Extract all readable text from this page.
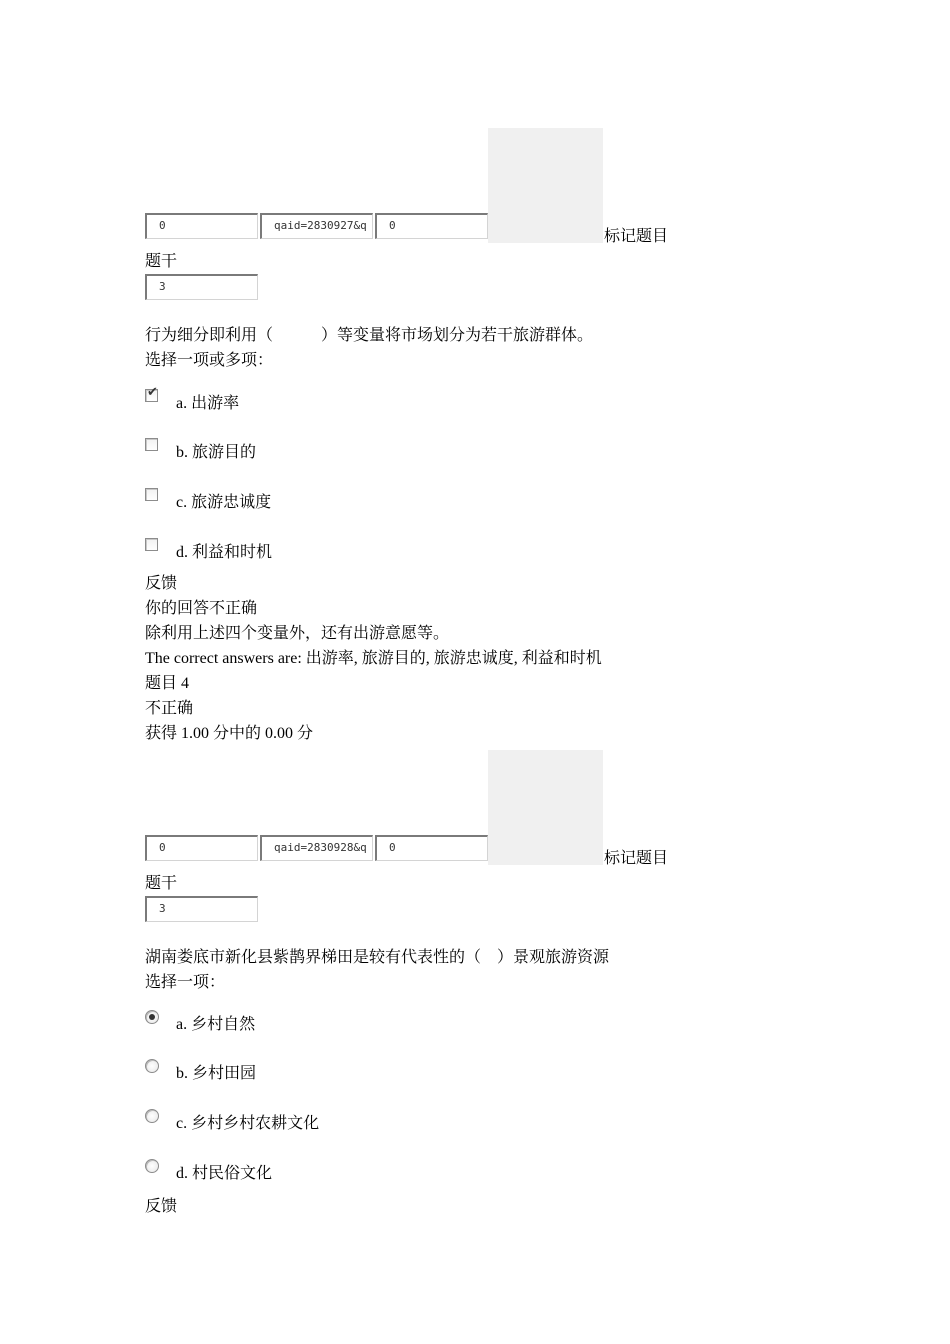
0	qaid=2830927&q	0
标记题目
题干
3
行为细分即利用（　　　）等变量将市场划分为若干旅游群体。
选择一项或多项：
✔
a. 出游率
b. 旅游目的
c. 旅游忠诚度
d. 利益和时机
反馈
你的回答不正确
除利用上述四个变量外，还有出游意愿等。
The correct answers are: 出游率, 旅游目的, 旅游忠诚度, 利益和时机
题目 4
不正确
获得 1.00 分中的 0.00 分
0	qaid=2830928&q	0
标记题目
题干
3
湖南娄底市新化县紫鹊界梯田是较有代表性的（　）景观旅游资源
选择一项：
a. 乡村自然
b. 乡村田园
c. 乡村乡村农耕文化
d. 村民俗文化
反馈
